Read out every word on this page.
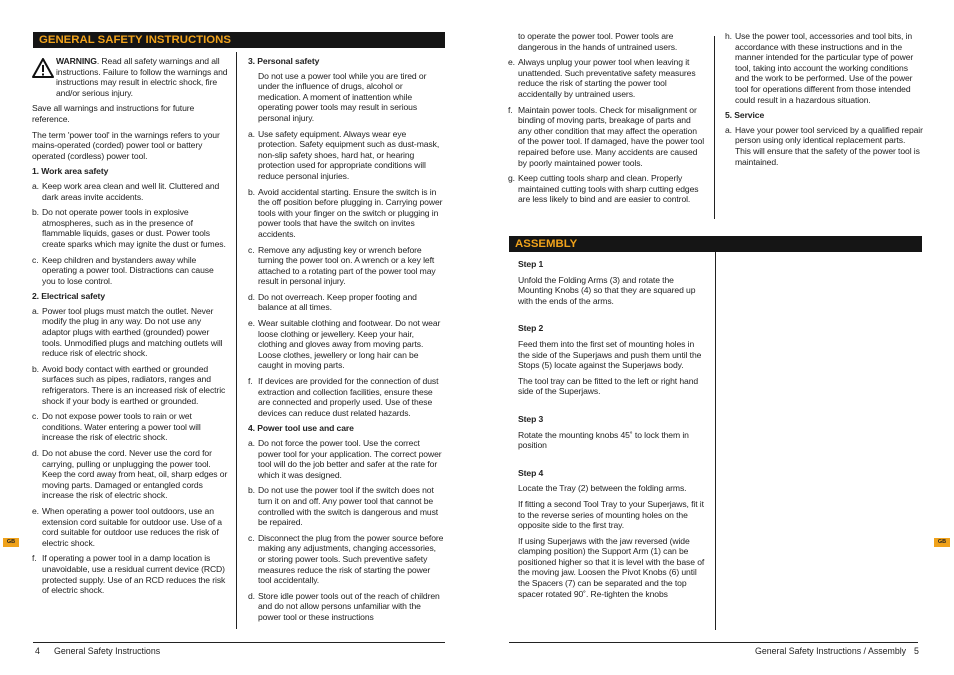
GENERAL SAFETY INSTRUCTIONS
WARNING. Read all safety warnings and all instructions. Failure to follow the warnings and instructions may result in electric shock, fire and/or serious injury.

Save all warnings and instructions for future reference.

The term 'power tool' in the warnings refers to your mains-operated (corded) power tool or battery operated (cordless) power tool.

1. Work area safety
a. Keep work area clean and well lit. Cluttered and dark areas invite accidents.
b. Do not operate power tools in explosive atmospheres, such as in the presence of flammable liquids, gases or dust. Power tools create sparks which may ignite the dust or fumes.
c. Keep children and bystanders away while operating a power tool. Distractions can cause you to lose control.
2. Electrical safety
a. Power tool plugs must match the outlet. Never modify the plug in any way. Do not use any adaptor plugs with earthed (grounded) power tools. Unmodified plugs and matching outlets will reduce risk of electric shock.
b. Avoid body contact with earthed or grounded surfaces such as pipes, radiators, ranges and refrigerators. There is an increased risk of electric shock if your body is earthed or grounded.
c. Do not expose power tools to rain or wet conditions. Water entering a power tool will increase the risk of electric shock.
d. Do not abuse the cord. Never use the cord for carrying, pulling or unplugging the power tool. Keep the cord away from heat, oil, sharp edges or moving parts. Damaged or entangled cords increase the risk of electric shock.
e. When operating a power tool outdoors, use an extension cord suitable for outdoor use. Use of a cord suitable for outdoor use reduces the risk of electric shock.
f. If operating a power tool in a damp location is unavoidable, use a residual current device (RCD) protected supply. Use of an RCD reduces the risk of electric shock.
3. Personal safety

Do not use a power tool while you are tired or under the influence of drugs, alcohol or medication. A moment of inattention while operating power tools may result in serious personal injury.

a. Use safety equipment. Always wear eye protection. Safety equipment such as dust-mask, non-slip safety shoes, hard hat, or hearing protection used for appropriate conditions will reduce personal injuries.
b. Avoid accidental starting. Ensure the switch is in the off position before plugging in. Carrying power tools with your finger on the switch or plugging in power tools that have the switch on invites accidents.
c. Remove any adjusting key or wrench before turning the power tool on. A wrench or a key left attached to a rotating part of the power tool may result in personal injury.
d. Do not overreach. Keep proper footing and balance at all times.
e. Wear suitable clothing and footwear. Do not wear loose clothing or jewellery. Keep your hair, clothing and gloves away from moving parts. Loose clothes, jewellery or long hair can be caught in moving parts.
f. If devices are provided for the connection of dust extraction and collection facilities, ensure these are connected and properly used. Use of these devices can reduce dust related hazards.
4. Power tool use and care
a. Do not force the power tool. Use the correct power tool for your application. The correct power tool will do the job better and safer at the rate for which it was designed.
b. Do not use the power tool if the switch does not turn it on and off. Any power tool that cannot be controlled with the switch is dangerous and must be repaired.
c. Disconnect the plug from the power source before making any adjustments, changing accessories, or storing power tools. Such preventive safety measures reduce the risk of starting the power tool accidentally.
d. Store idle power tools out of the reach of children and do not allow persons unfamiliar with the power tool or these instructions
4 General Safety Instructions
GB

to operate the power tool. Power tools are dangerous in the hands of untrained users.

e. Always unplug your power tool when leaving it unattended. Such preventative safety measures reduce the risk of starting the power tool accidentally by untrained users.
f. Maintain power tools. Check for misalignment or binding of moving parts, breakage of parts and any other condition that may affect the operation of the power tool. If damaged, have the power tool repaired before use. Many accidents are caused by poorly maintained power tools.
g. Keep cutting tools sharp and clean. Properly maintained cutting tools with sharp cutting edges are less likely to bind and are easier to control.
h. Use the power tool, accessories and tool bits, in accordance with these instructions and in the manner intended for the particular type of power tool, taking into account the working conditions and the work to be performed. Use of the power tool for operations different from those intended could result in a hazardous situation.
5. Service
a. Have your power tool serviced by a qualified repair person using only identical replacement parts. This will ensure that the safety of the power tool is maintained.
ASSEMBLY
Step 1

Unfold the Folding Arms (3) and rotate the Mounting Knobs (4) so that they are squared up with the ends of the arms.

Step 2

Feed them into the first set of mounting holes in the side of the Superjaws and push them until the Stops (5) locate against the Superjaws body.

The tool tray can be fitted to the left or right hand side of the Superjaws.

Step 3

Rotate the mounting knobs 45˚ to lock them in position

Step 4

Locate the Tray (2) between the folding arms.

If fitting a second Tool Tray to your Superjaws, fit it to the reverse series of mounting holes on the opposite side to the first tray.

If using Superjaws with the jaw reversed (wide clamping position) the Support Arm (1) can be positioned higher so that it is level with the base of the moving jaw. Loosen the Pivot Knobs (6) until the Spacers (7) can be separated and the top spacer rotated 90˚. Re-tighten the knobs

General Safety Instructions / Assembly 5
GB
